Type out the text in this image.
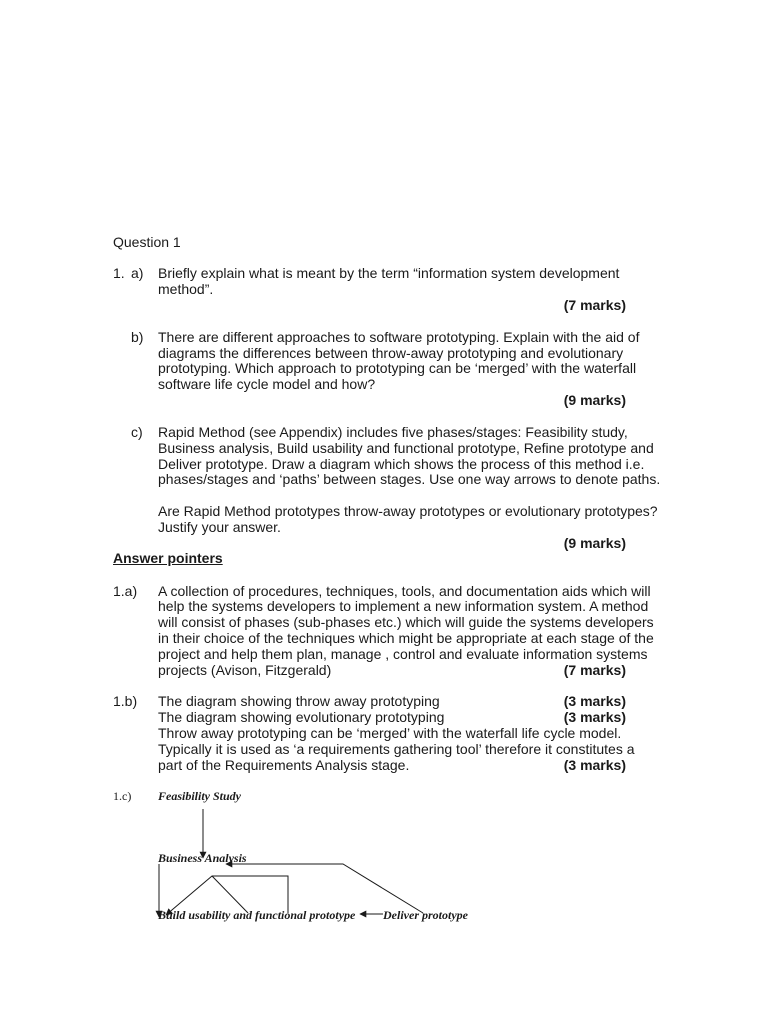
Question 1
1. a) Briefly explain what is meant by the term “information system development
method”.
(7 marks)
b) There are different approaches to software prototyping. Explain with the aid of
diagrams the differences between throw-away prototyping and evolutionary
prototyping. Which approach to prototyping can be ‘merged’ with the waterfall
software life cycle model and how?
(9 marks)
c) Rapid Method (see Appendix) includes five phases/stages: Feasibility study,
Business analysis, Build usability and functional prototype, Refine prototype and
Deliver prototype. Draw a diagram which shows the process of this method i.e.
phases/stages and ‘paths’ between stages. Use one way arrows to denote paths.
Are Rapid Method prototypes throw-away prototypes or evolutionary prototypes?
Justify your answer.
(9 marks)
Answer pointers
1.a) A collection of procedures, techniques, tools, and documentation aids which will
help the systems developers to implement a new information system. A method
will consist of phases (sub-phases etc.) which will guide the systems developers
in their choice of the techniques which might be appropriate at each stage of the
project and help them plan, manage , control and evaluate information systems
projects (Avison, Fitzgerald)	(7 marks)
1.b) The diagram showing throw away prototyping	(3 marks)
The diagram showing evolutionary prototyping	(3 marks)
Throw away prototyping can be ‘merged’ with the waterfall life cycle model.
Typically it is used as ‘a requirements gathering tool’ therefore it constitutes a
part of the Requirements Analysis stage.	(3 marks)
1.c) Feasibility Study
Business Analysis
Build usability and functional prototype Deliver prototype
